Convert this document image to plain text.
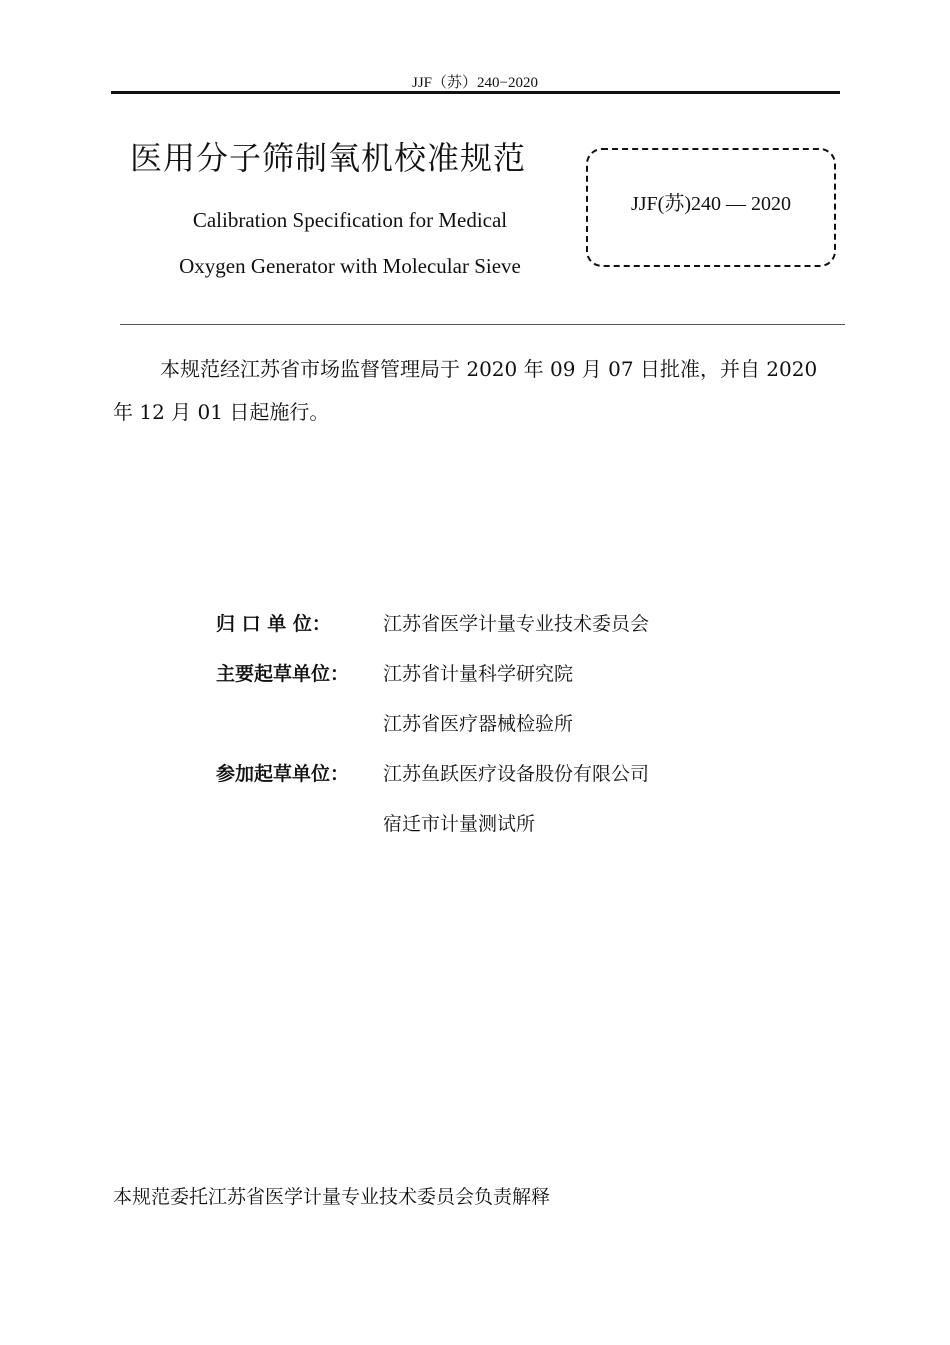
JJF（苏）240−2020
医用分子筛制氧机校准规范
Calibration Specification for Medical
Oxygen Generator with Molecular Sieve
JJF(苏)240 — 2020
本规范经江苏省市场监督管理局于 2020 年 09 月 07 日批准，并自 2020
年 12 月 01 日起施行。
归 口 单 位：	江苏省医学计量专业技术委员会
主要起草单位： 江苏省计量科学研究院
江苏省医疗器械检验所
参加起草单位： 江苏鱼跃医疗设备股份有限公司
宿迁市计量测试所
本规范委托江苏省医学计量专业技术委员会负责解释
